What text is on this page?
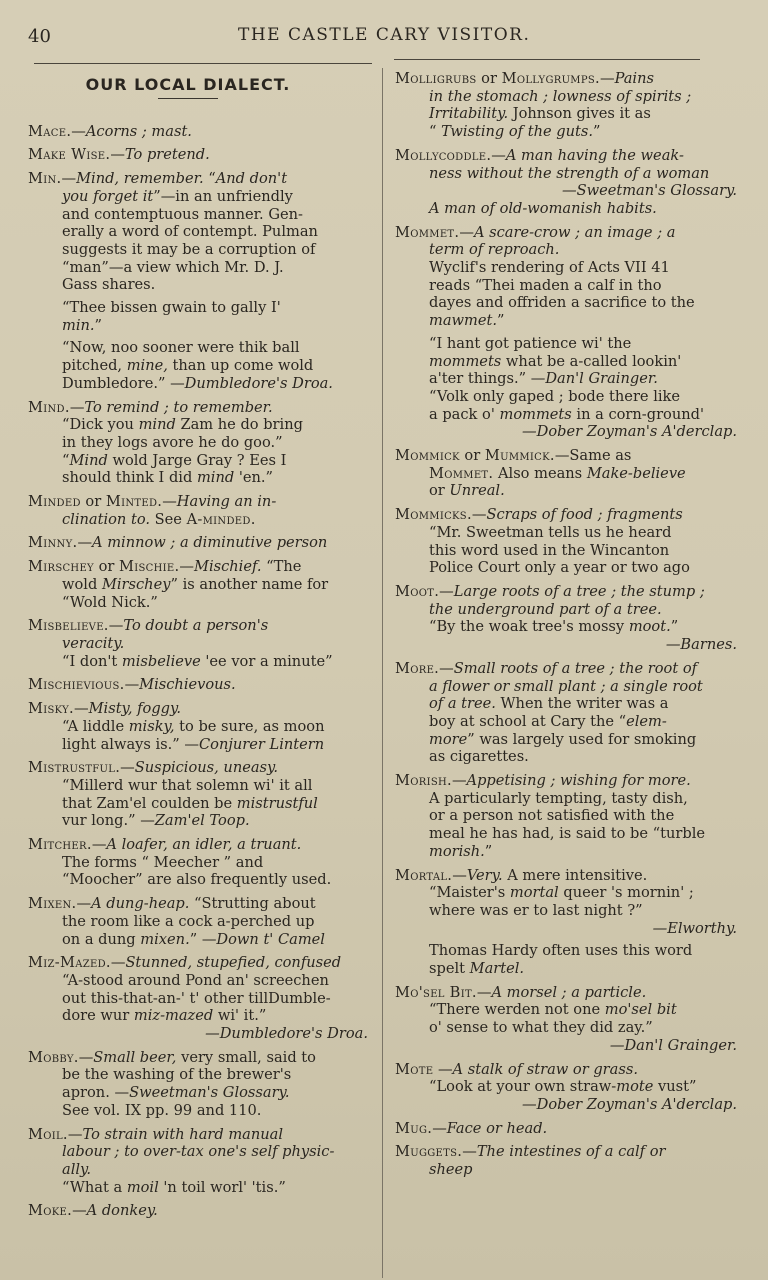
40	THE CASTLE CARY VISITOR.
OUR LOCAL DIALECT.
Mace.—Acorns ; mast.
Make Wise.—To pretend.
Min.—Mind, remember. “And don't
you forget it”—in an unfriendly
and contemptuous manner. Gen-
erally a word of contempt. Pulman
suggests it may be a corruption of
“man”—a view which Mr. D. J.
Gass shares.
“Thee bissen gwain to gally I'
min.”
“Now, noo sooner were thik ball
pitched, mine, than up come wold
Dumbledore.” —Dumbledore's Droa.
Mind.—To remind ; to remember.
“Dick you mind Zam he do bring
in they logs avore he do goo.”
“Mind wold Jarge Gray ? Ees I
should think I did mind 'en.”
Minded or Minted.—Having an in-
clination to. See A-minded.
Minny.—A minnow ; a diminutive person
Mirschey or Mischie.—Mischief. “The
wold Mirschey” is another name for
“Wold Nick.”
Misbelieve.—To doubt a person's
veracity.
“I don't misbelieve 'ee vor a minute”
Mischievious.—Mischievous.
Misky.—Misty, foggy.
“A liddle misky, to be sure, as moon
light always is.” —Conjurer Lintern
Mistrustful.—Suspicious, uneasy.
“Millerd wur that solemn wi' it all
that Zam'el coulden be mistrustful
vur long.” —Zam'el Toop.
Mitcher.—A loafer, an idler, a truant.
The forms “ Meecher ” and
“Moocher” are also frequently used.
Mixen.—A dung-heap. “Strutting about
the room like a cock a-perched up
on a dung mixen.” —Down t' Camel
Miz-Mazed.—Stunned, stupefied, confused
“A-stood around Pond an' screechen
out this-that-an-' t' other tillDumble-
dore wur miz-mazed wi' it.”
—Dumbledore's Droa.
Mobby.—Small beer, very small, said to
be the washing of the brewer's
apron. —Sweetman's Glossary.
See vol. IX pp. 99 and 110.
Moil.—To strain with hard manual
labour ; to over-tax one's self physic-
ally.
“What a moil 'n toil worl' 'tis.”
Moke.—A donkey.
Molligrubs or Mollygrumps.—Pains
in the stomach ; lowness of spirits ;
Irritability. Johnson gives it as
“ Twisting of the guts.”
Mollycoddle.—A man having the weak-
ness without the strength of a woman
—Sweetman's Glossary.
A man of old-womanish habits.
Mommet.—A scare-crow ; an image ; a
term of reproach.
Wyclif's rendering of Acts VII 41
reads “Thei maden a calf in tho
dayes and offriden a sacrifice to the
mawmet.”
“I hant got patience wi' the
mommets what be a-called lookin'
a'ter things.” —Dan'l Grainger.
“Volk only gaped ; bode there like
a pack o' mommets in a corn-ground'
—Dober Zoyman's A'derclap.
Mommick or Mummick.—Same as
Mommet. Also means Make-believe
or Unreal.
Mommicks.—Scraps of food ; fragments
“Mr. Sweetman tells us he heard
this word used in the Wincanton
Police Court only a year or two ago
Moot.—Large roots of a tree ; the stump ;
the underground part of a tree.
“By the woak tree's mossy moot.”
—Barnes.
More.—Small roots of a tree ; the root of
a flower or small plant ; a single root
of a tree. When the writer was a
boy at school at Cary the “elem-
more” was largely used for smoking
as cigarettes.
Morish.—Appetising ; wishing for more.
A particularly tempting, tasty dish,
or a person not satisfied with the
meal he has had, is said to be “turble
morish.”
Mortal.—Very. A mere intensitive.
“Maister's mortal queer 's mornin' ;
where was er to last night ?”
—Elworthy.
Thomas Hardy often uses this word
spelt Martel.
Mo'sel Bit.—A morsel ; a particle.
“There werden not one mo'sel bit
o' sense to what they did zay.”
—Dan'l Grainger.
Mote —A stalk of straw or grass.
“Look at your own straw-mote vust”
—Dober Zoyman's A'derclap.
Mug.—Face or head.
Muggets.—The intestines of a calf or
sheep
